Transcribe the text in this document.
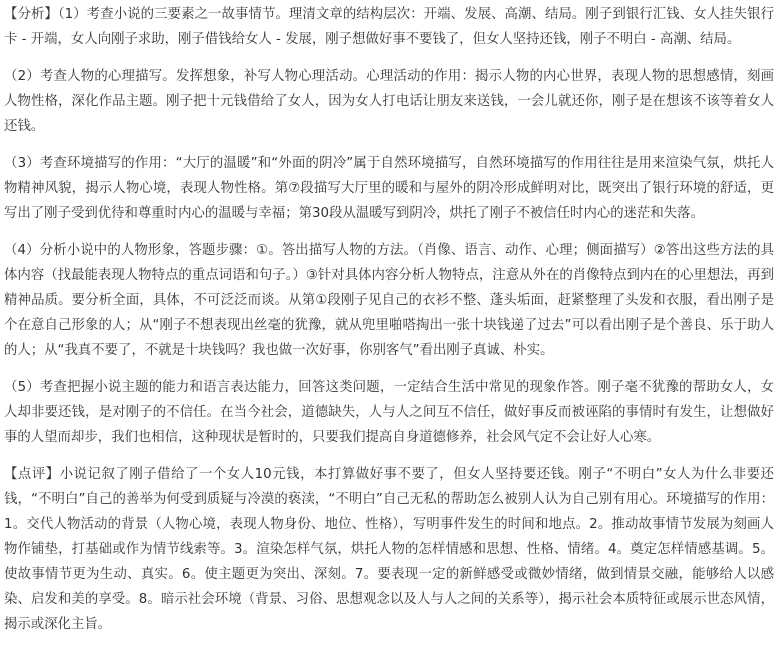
【分析】（1）考查小说的三要素之一故事情节。理清文章的结构层次：开端、发展、高潮、结局。刚子到银行汇钱、女人挂失银行卡 - 开端，女人向刚子求助，刚子借钱给女人 - 发展，刚子想做好事不要钱了，但女人坚持还钱，刚子不明白 - 高潮、结局。

（2）考查人物的心理描写。发挥想象，补写人物心理活动。心理活动的作用：揭示人物的内心世界，表现人物的思想感情，刻画人物性格，深化作品主题。刚子把十元钱借给了女人，因为女人打电话让朋友来送钱，一会儿就还你，刚子是在想该不该等着女人还钱。

（3）考查环境描写的作用：“大厅的温暖”和“外面的阴冷”属于自然环境描写，自然环境描写的作用往往是用来渲染气氛，烘托人物精神风貌，揭示人物心境，表现人物性格。第⑦段描写大厅里的暖和与屋外的阴冷形成鲜明对比，既突出了银行环境的舒适，更写出了刚子受到优待和尊重时内心的温暖与幸福；第30段从温暖写到阴冷，烘托了刚子不被信任时内心的迷茫和失落。

（4）分析小说中的人物形象，答题步骤：①。答出描写人物的方法。（肖像、语言、动作、心理；侧面描写）②答出这些方法的具体内容（找最能表现人物特点的重点词语和句子。）③针对具体内容分析人物特点，注意从外在的肖像特点到内在的心里想法，再到精神品质。要分析全面，具体，不可泛泛而谈。从第①段刚子见自己的衣衫不整、蓬头垢面，赶紧整理了头发和衣服，看出刚子是个在意自己形象的人；从“刚子不想表现出丝毫的犹豫，就从兜里啪嗒掏出一张十块钱递了过去”可以看出刚子是个善良、乐于助人的人；从“我真不要了，不就是十块钱吗？我也做一次好事，你别客气”看出刚子真诚、朴实。

（5）考查把握小说主题的能力和语言表达能力，回答这类问题，一定结合生活中常见的现象作答。刚子毫不犹豫的帮助女人，女人却非要还钱，是对刚子的不信任。在当今社会，道德缺失，人与人之间互不信任，做好事反而被诬陷的事情时有发生，让想做好事的人望而却步，我们也相信，这种现状是暂时的，只要我们提高自身道德修养，社会风气定不会让好人心寒。

【点评】小说记叙了刚子借给了一个女人10元钱，本打算做好事不要了，但女人坚持要还钱。刚子“不明白”女人为什么非要还钱，“不明白”自己的善举为何受到质疑与冷漠的亵渎，“不明白”自己无私的帮助怎么被别人认为自己别有用心。环境描写的作用：1。交代人物活动的背景（人物心境，表现人物身份、地位、性格），写明事件发生的时间和地点。2。推动故事情节发展为刻画人物作铺垫，打基础或作为情节线索等。3。渲染怎样气氛，烘托人物的怎样情感和思想、性格、情绪。4。奠定怎样情感基调。5。使故事情节更为生动、真实。6。使主题更为突出、深刻。7。要表现一定的新鲜感受或微妙情绪，做到情景交融，能够给人以感染、启发和美的享受。8。暗示社会环境（背景、习俗、思想观念以及人与人之间的关系等），揭示社会本质特征或展示世态风情，揭示或深化主旨。
